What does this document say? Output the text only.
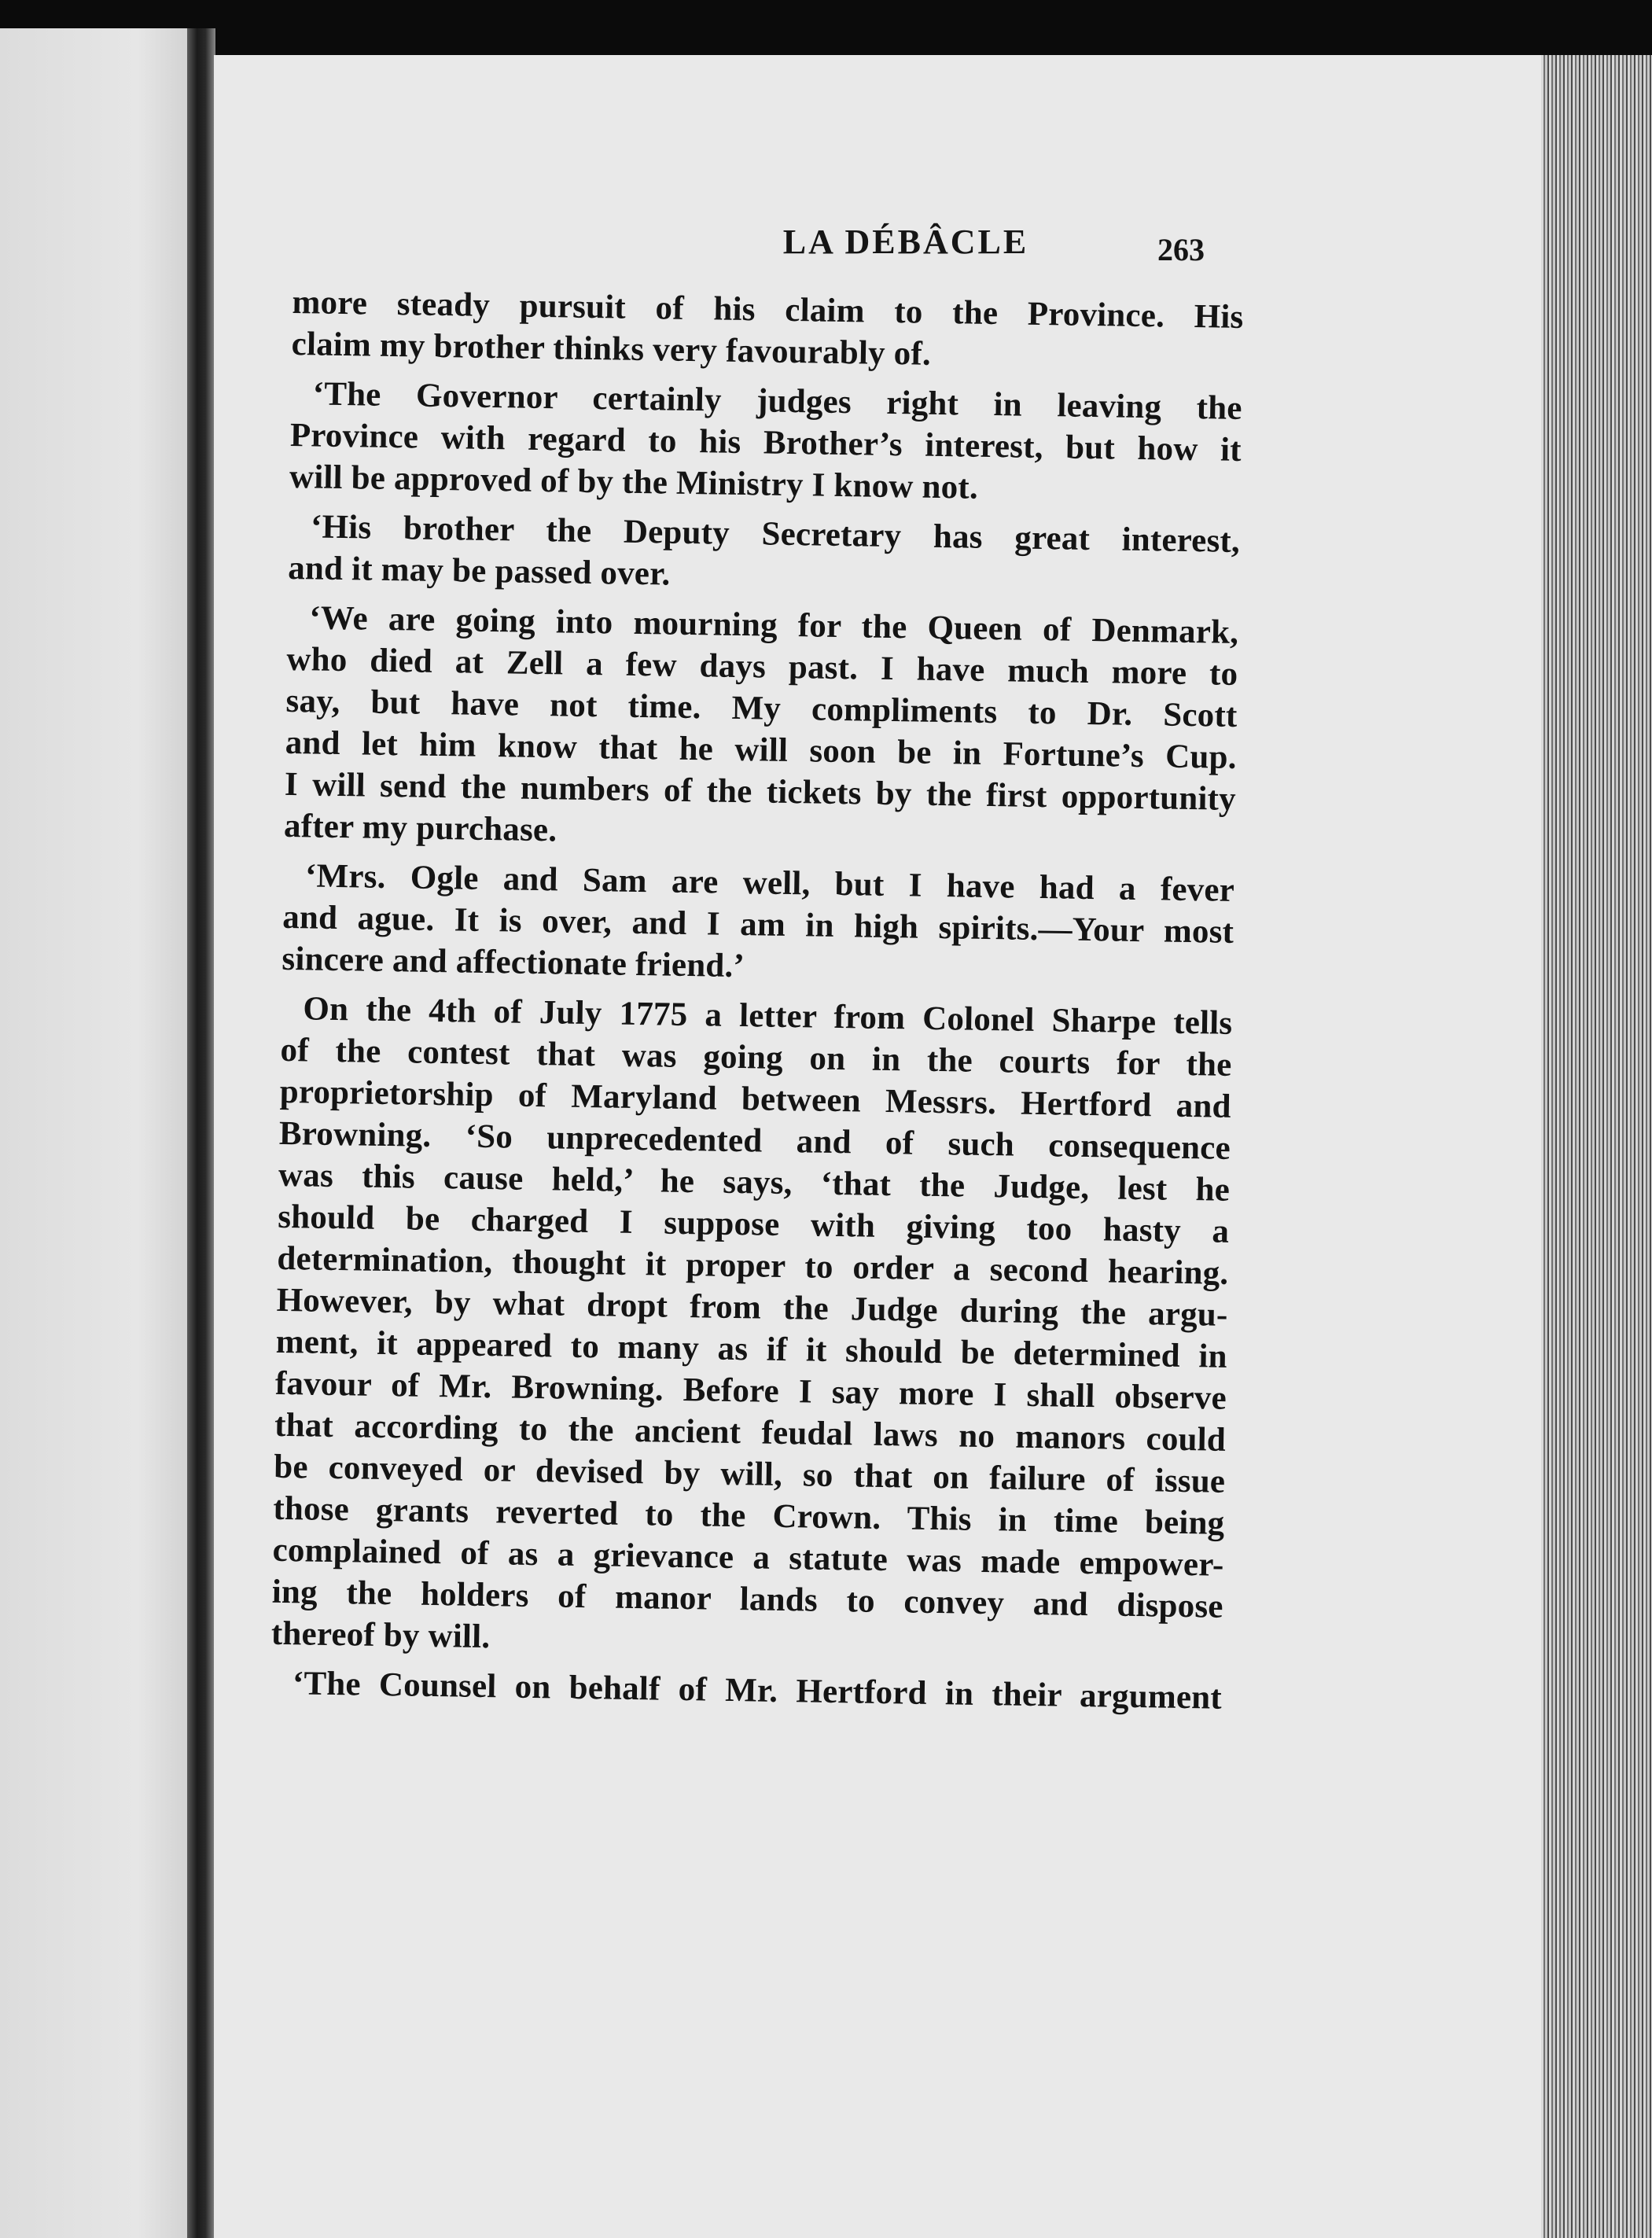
LA DÉBÂCLE	263
more steady pursuit of his claim to the Province. His
claim my brother thinks very favourably of.
‘The Governor certainly judges right in leaving the
Province with regard to his Brother’s interest, but how it
will be approved of by the Ministry I know not.
‘His brother the Deputy Secretary has great interest,
and it may be passed over.
‘We are going into mourning for the Queen of Denmark,
who died at Zell a few days past. I have much more to
say, but have not time. My compliments to Dr. Scott
and let him know that he will soon be in Fortune’s Cup.
I will send the numbers of the tickets by the first opportunity
after my purchase.
‘Mrs. Ogle and Sam are well, but I have had a fever
and ague. It is over, and I am in high spirits.—Your most
sincere and affectionate friend.’
On the 4th of July 1775 a letter from Colonel Sharpe tells
of the contest that was going on in the courts for the
proprietorship of Maryland between Messrs. Hertford and
Browning. ‘So unprecedented and of such consequence
was this cause held,’ he says, ‘that the Judge, lest he
should be charged I suppose with giving too hasty a
determination, thought it proper to order a second hearing.
However, by what dropt from the Judge during the argu-
ment, it appeared to many as if it should be determined in
favour of Mr. Browning. Before I say more I shall observe
that according to the ancient feudal laws no manors could
be conveyed or devised by will, so that on failure of issue
those grants reverted to the Crown. This in time being
complained of as a grievance a statute was made empower-
ing the holders of manor lands to convey and dispose
thereof by will.
‘The Counsel on behalf of Mr. Hertford in their argument
